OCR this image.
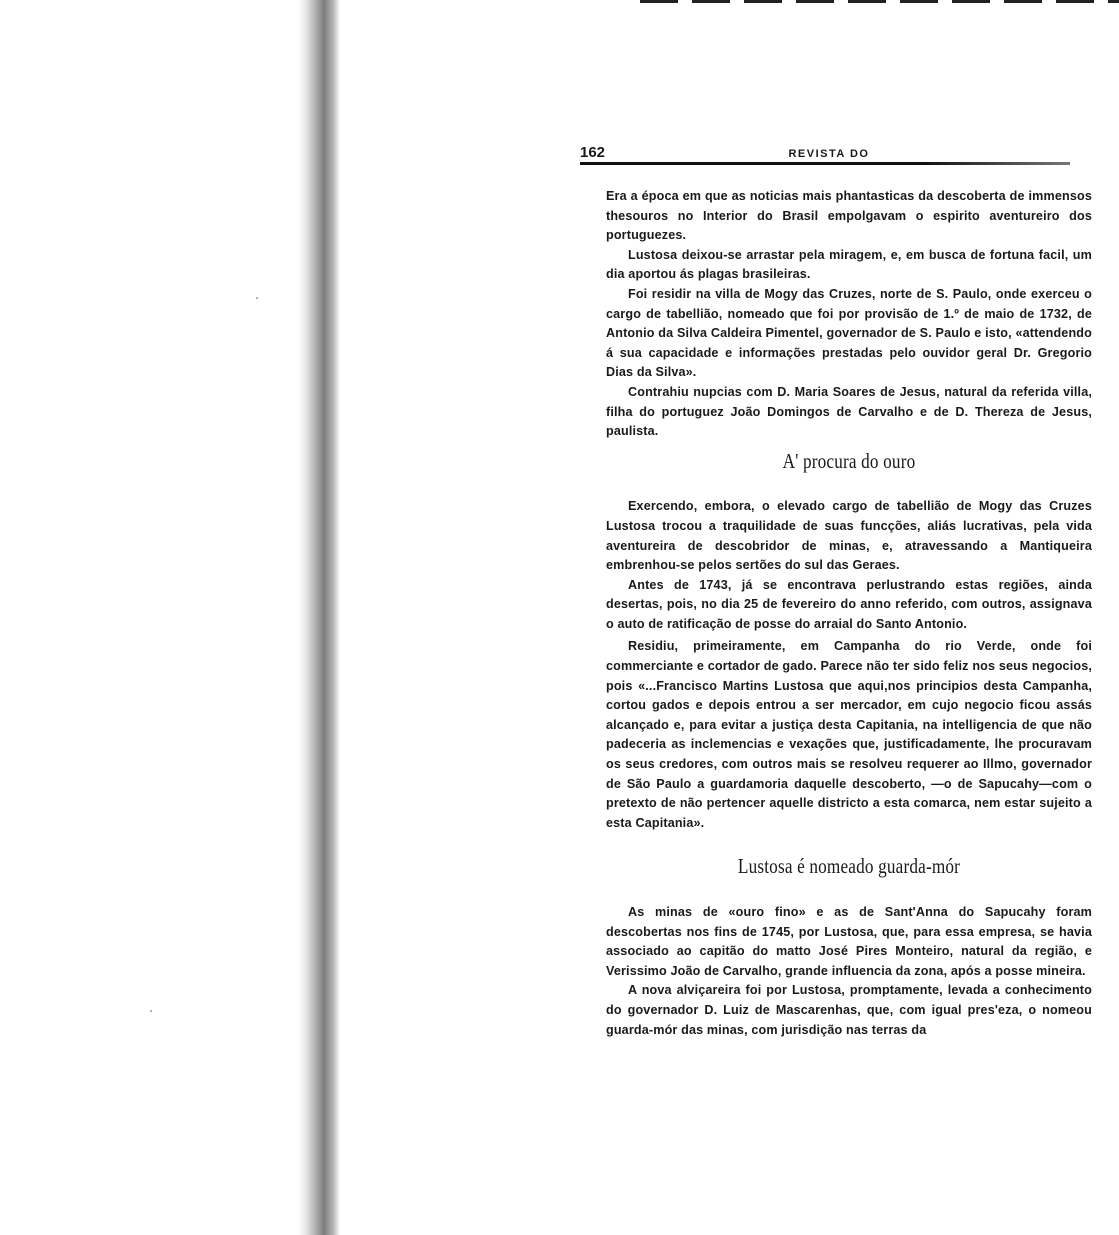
162	REVISTA DO

Era a época em que as noticias mais phantasticas da descoberta de immensos thesouros no Interior do Brasil empolgavam o espirito aventureiro dos portuguezes.

Lustosa deixou-se arrastar pela miragem, e, em busca de fortuna facil, um dia aportou ás plagas brasileiras.

Foi residir na villa de Mogy das Cruzes, norte de S. Paulo, onde exerceu o cargo de tabellião, nomeado que foi por provisão de 1.º de maio de 1732, de Antonio da Silva Caldeira Pimentel, governador de S. Paulo e isto, «attendendo á sua capacidade e informações prestadas pelo ouvidor geral Dr. Gregorio Dias da Silva».

Contrahiu nupcias com D. Maria Soares de Jesus, natural da referida villa, filha do portuguez João Domingos de Carvalho e de D. Thereza de Jesus, paulista.

A' procura do ouro

Exercendo, embora, o elevado cargo de tabellião de Mogy das Cruzes Lustosa trocou a traquilidade de suas funcções, aliás lucrativas, pela vida aventureira de descobridor de minas, e, atravessando a Mantiqueira embrenhou-se pelos sertões do sul das Geraes.

Antes de 1743, já se encontrava perlustrando estas regiões, ainda desertas, pois, no dia 25 de fevereiro do anno referido, com outros, assignava o auto de ratificação de posse do arraial do Santo Antonio.

Residiu, primeiramente, em Campanha do rio Verde, onde foi commerciante e cortador de gado. Parece não ter sido feliz nos seus negocios, pois «...Francisco Martins Lustosa que aqui,nos principios desta Campanha, cortou gados e depois entrou a ser mercador, em cujo negocio ficou assás alcançado e, para evitar a justiça desta Capitania, na intelligencia de que não padeceria as inclemencias e vexações que, justificadamente, lhe procuravam os seus credores, com outros mais se resolveu requerer ao Illmo, governador de São Paulo a guardamoria daquelle descoberto, —o de Sapucahy—com o pretexto de não pertencer aquelle districto a esta comarca, nem estar sujeito a esta Capitania».

Lustosa é nomeado guarda-mór

As minas de «ouro fino» e as de Sant'Anna do Sapucahy foram descobertas nos fins de 1745, por Lustosa, que, para essa empresa, se havia associado ao capitão do matto José Pires Monteiro, natural da região, e Verissimo João de Carvalho, grande influencia da zona, após a posse mineira.

A nova alviçareira foi por Lustosa, promptamente, levada a conhecimento do governador D. Luiz de Mascarenhas, que, com igual pres'eza, o nomeou guarda-mór das minas, com jurisdição nas terras da
